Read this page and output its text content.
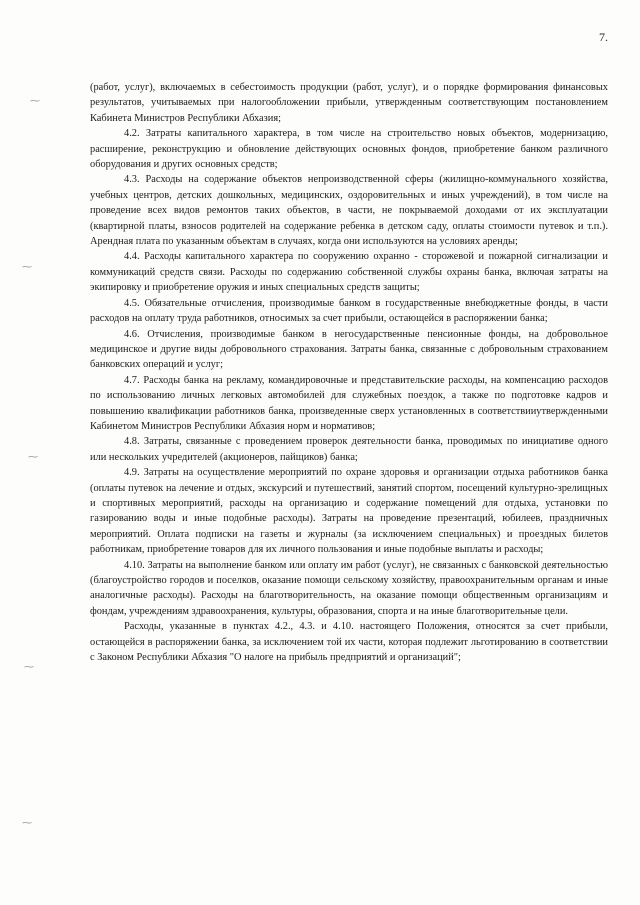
7.
⁓
⁓
⁓
⁓
⁓

(работ, услуг), включаемых в себестоимость продукции (работ, услуг), и о порядке формирования финансовых результатов, учитываемых при налогообложении прибыли, утвержденным соответствующим постановлением Кабинета Министров Республики Абхазия;

4.2. Затраты капитального характера, в том числе на строительство новых объектов, модернизацию, расширение, реконструкцию и обновление действующих основных фондов, приобретение банком различного оборудования и других основных средств;

4.3. Расходы на содержание объектов непроизводственной сферы (жилищно-коммунального хозяйства, учебных центров, детских дошкольных, медицинских, оздоровительных и иных учреждений), в том числе на проведение всех видов ремонтов таких объектов, в части, не покрываемой доходами от их эксплуатации (квартирной платы, взносов родителей на содержание ребенка в детском саду, оплаты стоимости путевок и т.п.). Арендная плата по указанным объектам в случаях, когда они используются на условиях аренды;

4.4. Расходы капитального характера по сооружению охранно - сторожевой и пожарной сигнализации и коммуникаций средств связи. Расходы по содержанию собственной службы охраны банка, включая затраты на экипировку и приобретение оружия и иных специальных средств защиты;

4.5. Обязательные отчисления, производимые банком в государственные внебюджетные фонды, в части расходов на оплату труда работников, относимых за счет прибыли, остающейся в распоряжении банка;

4.6. Отчисления, производимые банком в негосударственные пенсионные фонды, на добровольное медицинское и другие виды добровольного страхования. Затраты банка, связанные с добровольным страхованием банковских операций и услуг;

4.7. Расходы банка на рекламу, командировочные и представительские расходы, на компенсацию расходов по использованию личных легковых автомобилей для служебных поездок, а также по подготовке кадров и повышению квалификации работников банка, произведенные сверх установленных в соответствииутвержденными Кабинетом Министров Республики Абхазия норм и нормативов;

4.8. Затраты, связанные с проведением проверок деятельности банка, проводимых по инициативе одного или нескольких учредителей (акционеров, пайщиков) банка;

4.9. Затраты на осуществление мероприятий по охране здоровья и организации отдыха работников банка (оплаты путевок на лечение и отдых, экскурсий и путешествий, занятий спортом, посещений культурно-зрелищных и спортивных мероприятий, расходы на организацию и содержание помещений для отдыха, установки по газированию воды и иные подобные расходы). Затраты на проведение презентаций, юбилеев, праздничных мероприятий. Оплата подписки на газеты и журналы (за исключением специальных) и проездных билетов работникам, приобретение товаров для их личного пользования и иные подобные выплаты и расходы;

4.10. Затраты на выполнение банком или оплату им работ (услуг), не связанных с банковской деятельностью (благоустройство городов и поселков, оказание помощи сельскому хозяйству, правоохранительным органам и иные аналогичные расходы). Расходы на благотворительность, на оказание помощи общественным организациям и фондам, учреждениям здравоохранения, культуры, образования, спорта и на иные благотворительные цели.

Расходы, указанные в пунктах 4.2., 4.3. и 4.10. настоящего Положения, относятся за счет прибыли, остающейся в распоряжении банка, за исключением той их части, которая подлежит льготированию в соответствии с Законом Республики Абхазия "О налоге на прибыль предприятий и организаций";
